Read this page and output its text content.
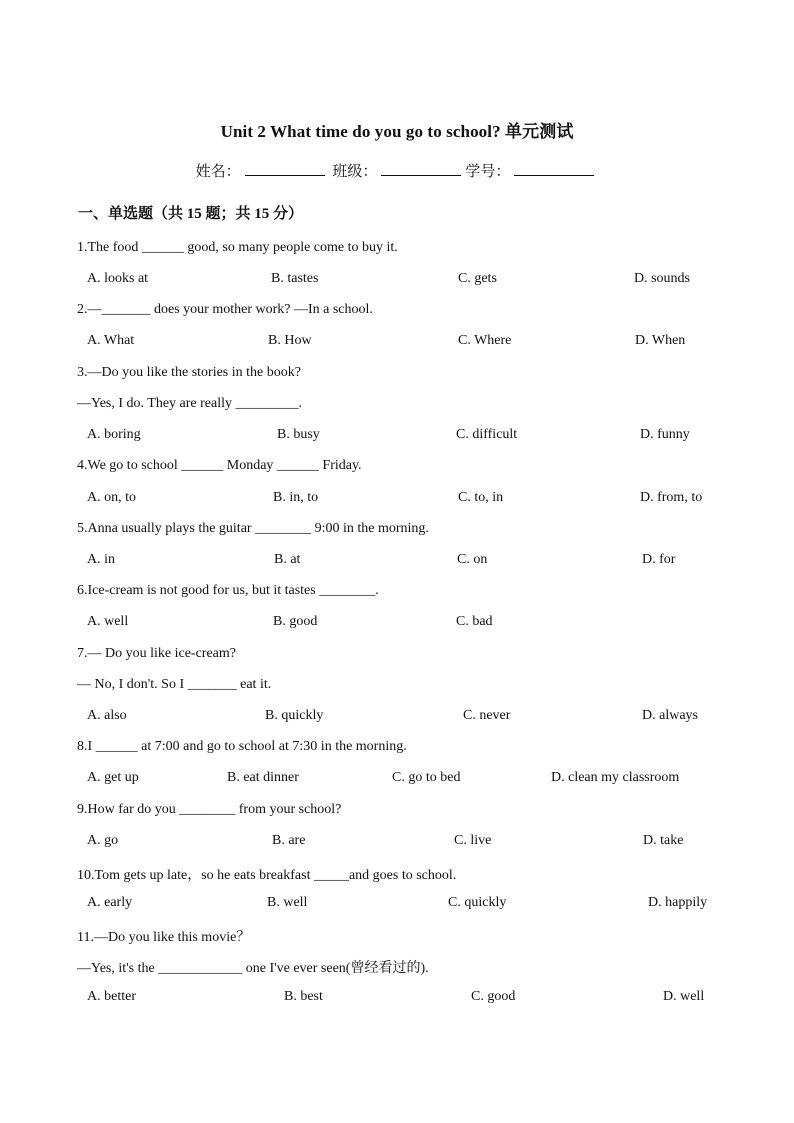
Unit 2 What time do you go to school? 单元测试
姓名：	班级：	学号：
一、单选题（共 15 题；共 15 分）
1.The food ______ good, so many people come to buy it.
A. looks at	B. tastes	C. gets	D. sounds
2.—_______ does your mother work? —In a school.
A. What	B. How	C. Where	D. When
3.—Do you like the stories in the book?
—Yes, I do. They are really _________.
A. boring	B. busy	C. difficult	D. funny
4.We go to school ______ Monday ______ Friday.
A. on, to	B. in, to	C. to, in	D. from, to
5.Anna usually plays the guitar ________ 9:00 in the morning.
A. in	B. at	C. on	D. for
6.Ice-cream is not good for us, but it tastes ________.
A. well	B. good	C. bad
7.— Do you like ice-cream?
— No, I don't. So I _______ eat it.
A. also	B. quickly	C. never	D. always
8.I ______ at 7:00 and go to school at 7:30 in the morning.
A. get up	B. eat dinner	C. go to bed	D. clean my classroom
9.How far do you ________ from your school?
A. go	B. are	C. live	D. take
10.Tom gets up late，so he eats breakfast _____and goes to school.
A. early	B. well	C. quickly	D. happily
11.—Do you like this movie？
—Yes, it's the ____________ one I've ever seen(曾经看过的).
A. better	B. best	C. good	D. well
